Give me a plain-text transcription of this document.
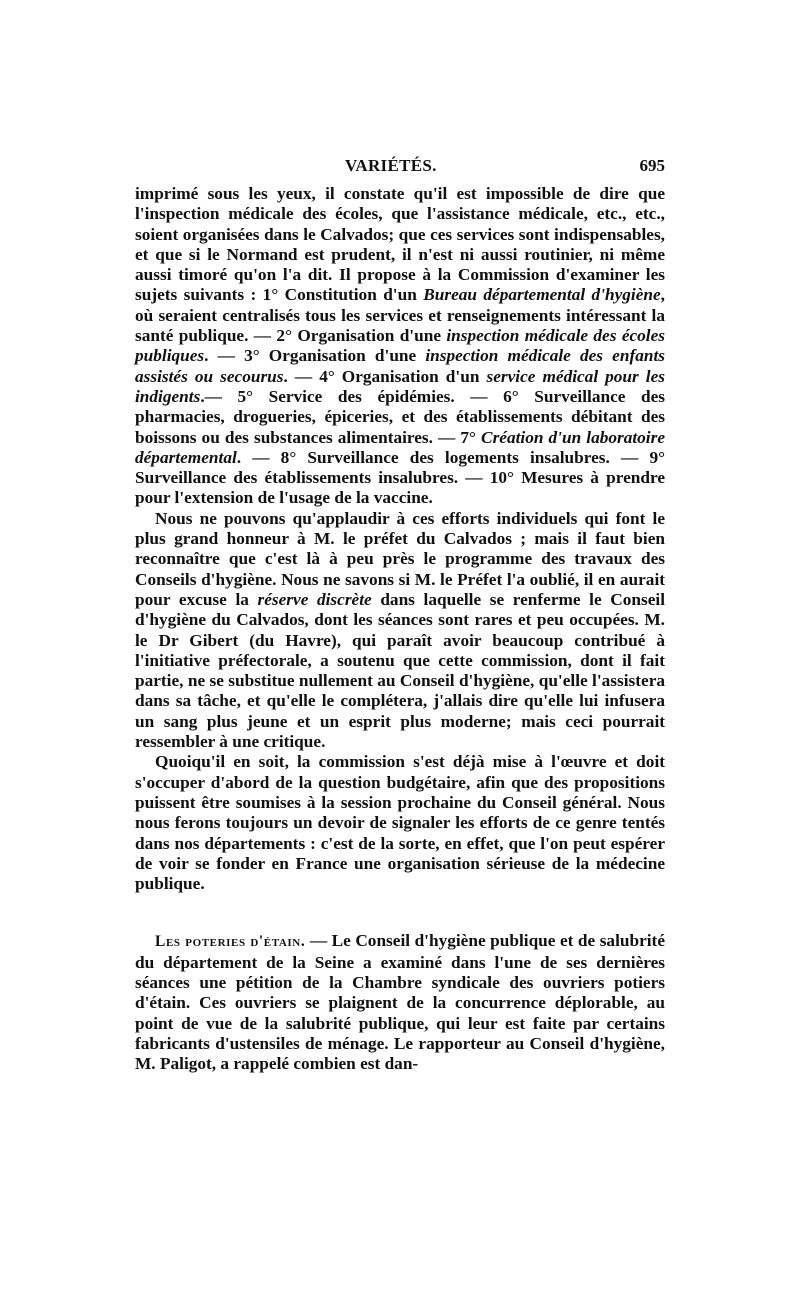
VARIÉTÉS.	695

imprimé sous les yeux, il constate qu'il est impossible de dire que l'inspection médicale des écoles, que l'assistance médicale, etc., etc., soient organisées dans le Calvados; que ces services sont indispensables, et que si le Normand est prudent, il n'est ni aussi routinier, ni même aussi timoré qu'on l'a dit. Il propose à la Commission d'examiner les sujets suivants : 1° Constitution d'un Bureau départemental d'hygiène, où seraient centralisés tous les services et renseignements intéressant la santé publique. — 2° Organisation d'une inspection médicale des écoles publiques. — 3° Organisation d'une inspection médicale des enfants assistés ou secourus. — 4° Organisation d'un service médical pour les indigents.— 5° Service des épidémies. — 6° Surveillance des pharmacies, drogueries, épiceries, et des établissements débitant des boissons ou des substances alimentaires. — 7° Création d'un laboratoire départemental. — 8° Surveillance des logements insalubres. — 9° Surveillance des établissements insalubres. — 10° Mesures à prendre pour l'extension de l'usage de la vaccine.

Nous ne pouvons qu'applaudir à ces efforts individuels qui font le plus grand honneur à M. le préfet du Calvados ; mais il faut bien reconnaître que c'est là à peu près le programme des travaux des Conseils d'hygiène. Nous ne savons si M. le Préfet l'a oublié, il en aurait pour excuse la réserve discrète dans laquelle se renferme le Conseil d'hygiène du Calvados, dont les séances sont rares et peu occupées. M. le Dr Gibert (du Havre), qui paraît avoir beaucoup contribué à l'initiative préfectorale, a soutenu que cette commission, dont il fait partie, ne se substitue nullement au Conseil d'hygiène, qu'elle l'assistera dans sa tâche, et qu'elle le complétera, j'allais dire qu'elle lui infusera un sang plus jeune et un esprit plus moderne; mais ceci pourrait ressembler à une critique.

Quoiqu'il en soit, la commission s'est déjà mise à l'œuvre et doit s'occuper d'abord de la question budgétaire, afin que des propositions puissent être soumises à la session prochaine du Conseil général. Nous nous ferons toujours un devoir de signaler les efforts de ce genre tentés dans nos départements : c'est de la sorte, en effet, que l'on peut espérer de voir se fonder en France une organisation sérieuse de la médecine publique.

Les poteries d'étain. — Le Conseil d'hygiène publique et de salubrité du département de la Seine a examiné dans l'une de ses dernières séances une pétition de la Chambre syndicale des ouvriers potiers d'étain. Ces ouvriers se plaignent de la concurrence déplorable, au point de vue de la salubrité publique, qui leur est faite par certains fabricants d'ustensiles de ménage. Le rapporteur au Conseil d'hygiène, M. Paligot, a rappelé combien est dan-
